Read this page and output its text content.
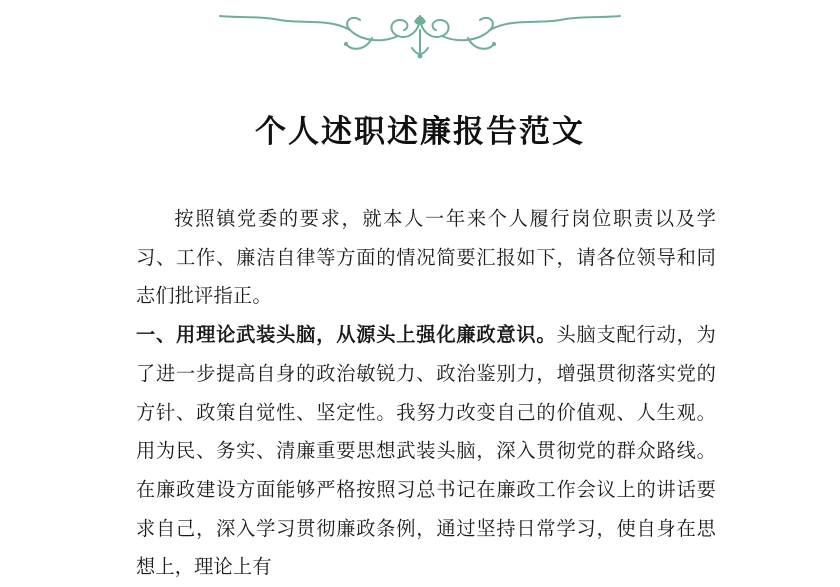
个人述职述廉报告范文

按照镇党委的要求，就本人一年来个人履行岗位职责以及学习、工作、廉洁自律等方面的情况简要汇报如下，请各位领导和同志们批评指正。

一、用理论武装头脑，从源头上强化廉政意识。头脑支配行动，为了进一步提高自身的政治敏锐力、政治鉴别力，增强贯彻落实党的方针、政策自觉性、坚定性。我努力改变自己的价值观、人生观。用为民、务实、清廉重要思想武装头脑，深入贯彻党的群众路线。在廉政建设方面能够严格按照习总书记在廉政工作会议上的讲话要求自己，深入学习贯彻廉政条例，通过坚持日常学习，使自身在思想上，理论上有
